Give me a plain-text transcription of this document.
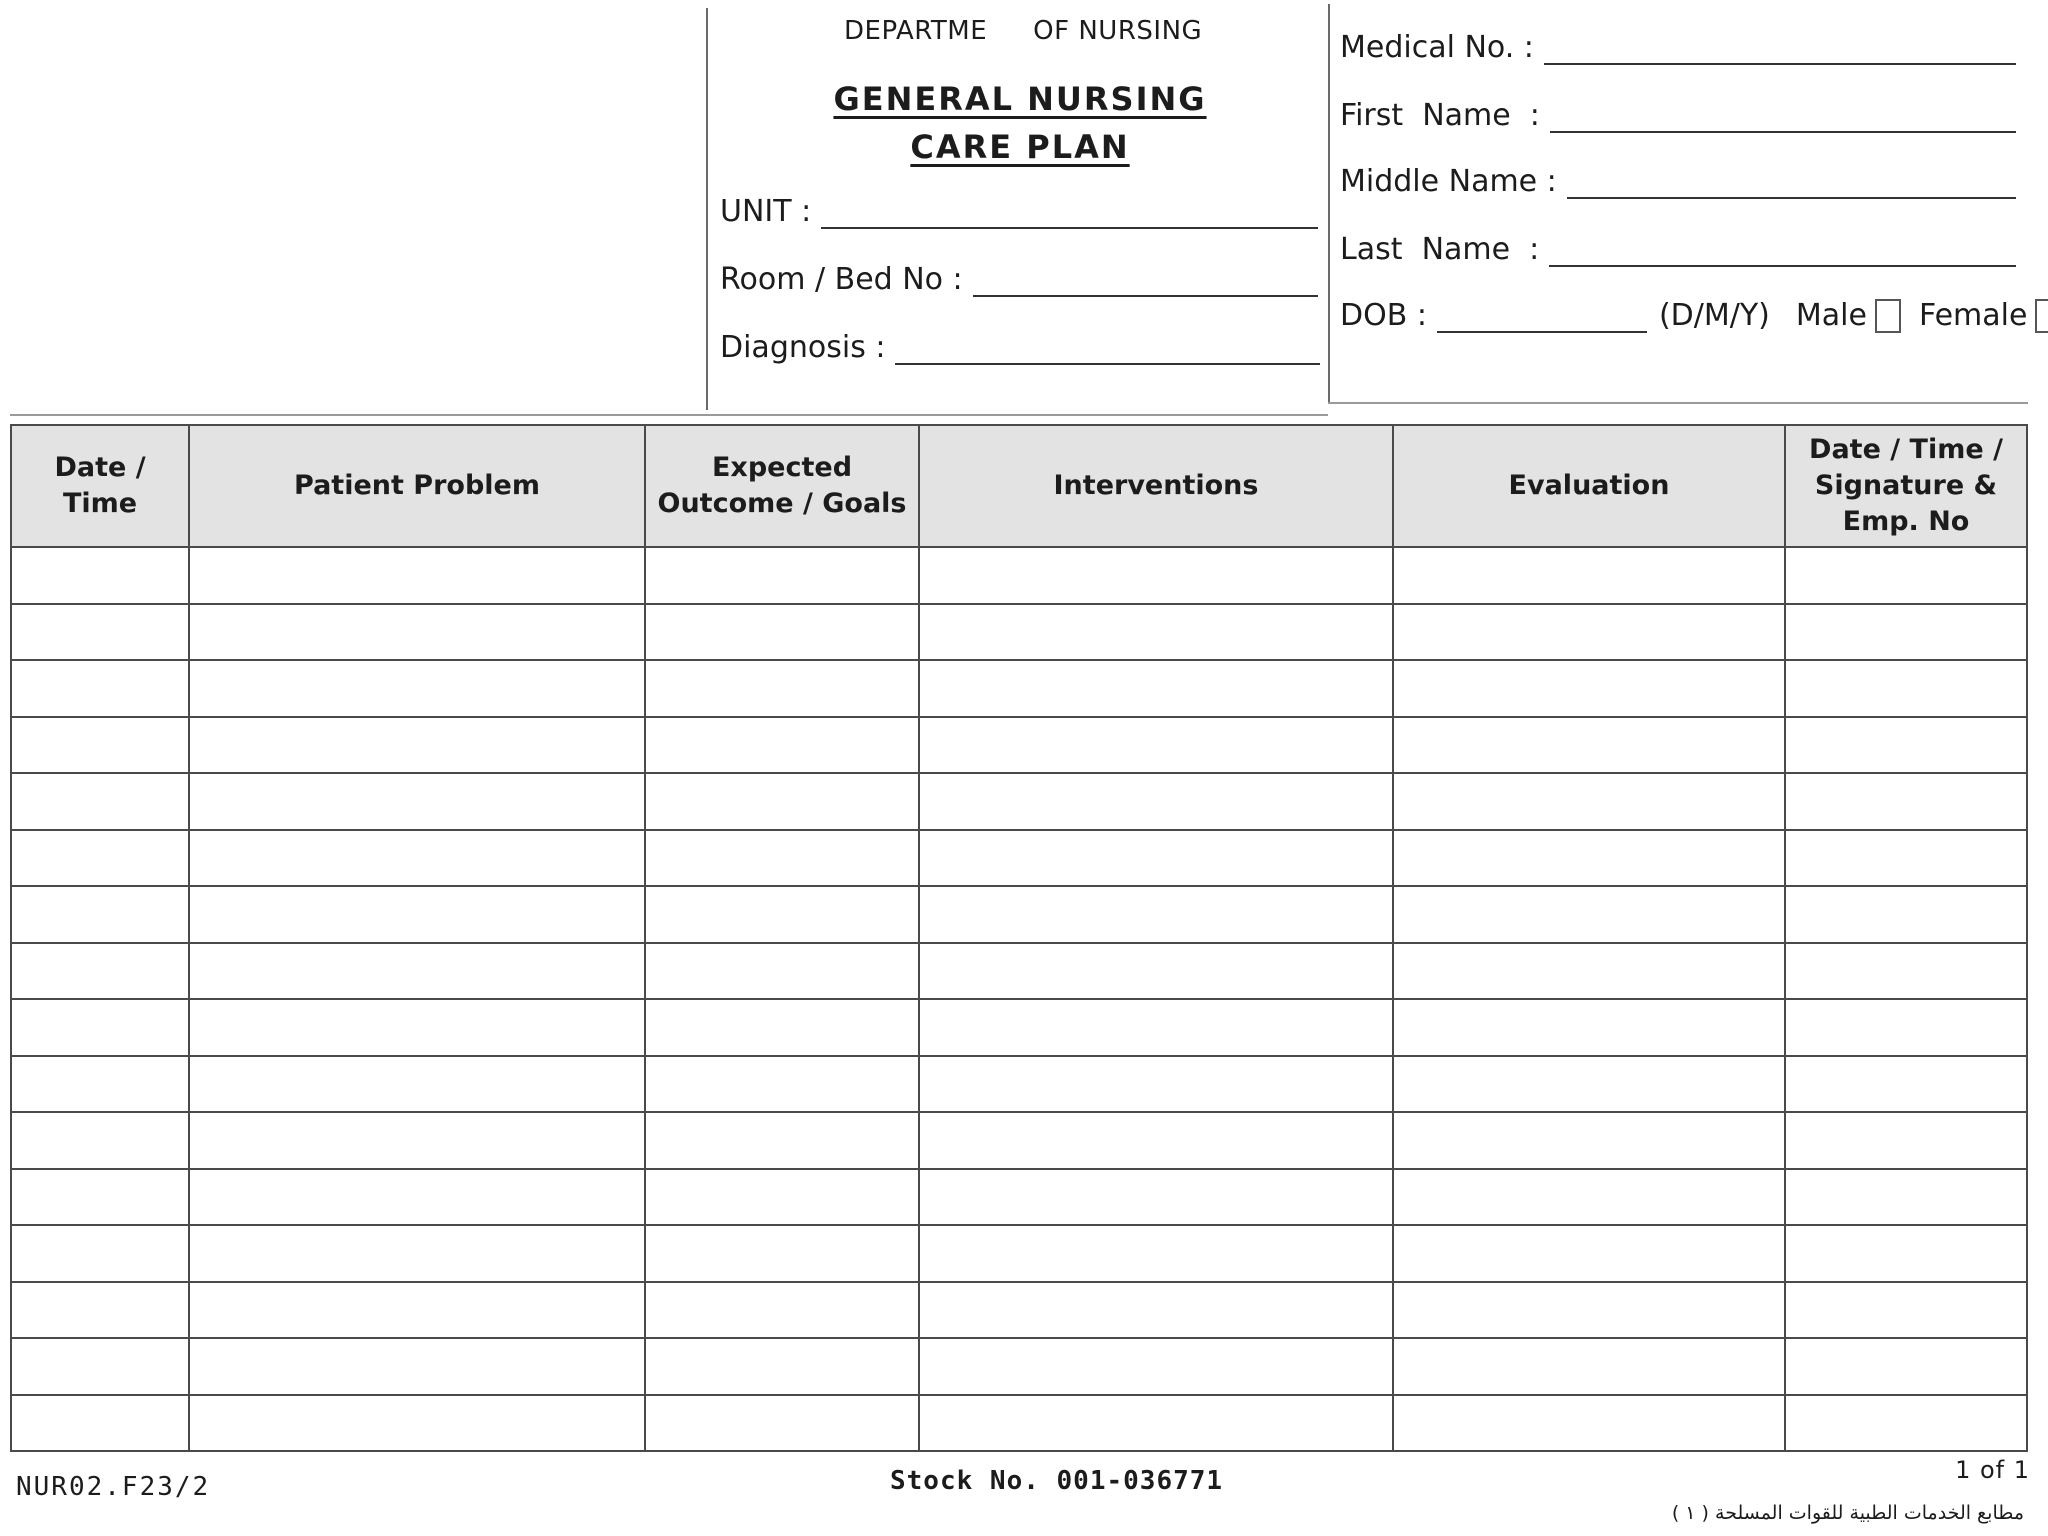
DEPARTME OF NURSING
GENERAL NURSING
CARE PLAN
UNIT :
Room / Bed No :
Diagnosis :
Medical No. :
First  Name  :
Middle Name :
Last  Name  :
DOB :	(D/M/Y) Male Female
Date / Time	Patient Problem	Expected Outcome / Goals	Interventions	Evaluation	Date / Time / Signature & Emp. No

NUR02.F23/2	Stock No. 001-036771	1 of 1
مطابع الخدمات الطبية للقوات المسلحة ( ١ )
